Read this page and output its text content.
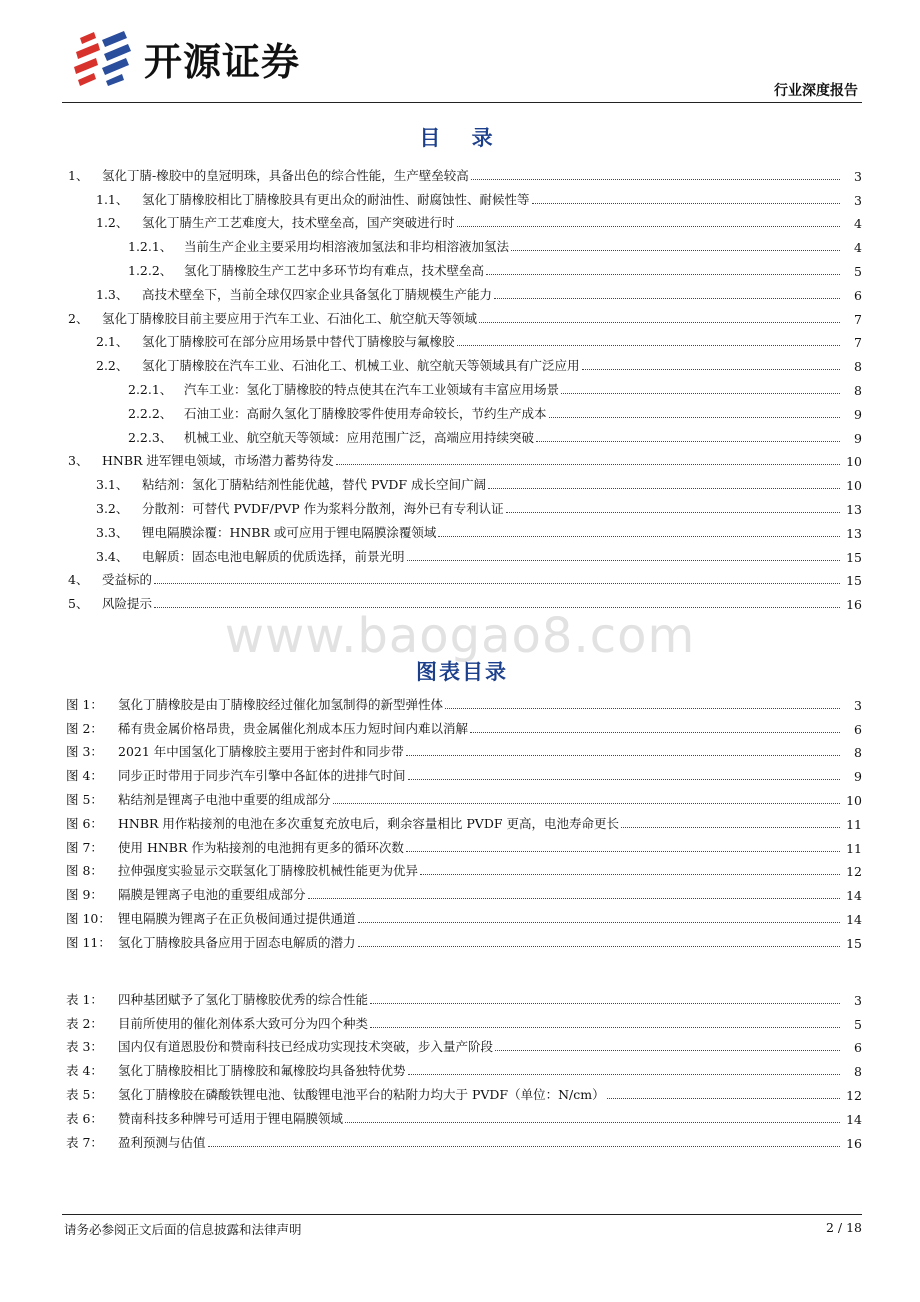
开源证券
行业深度报告
目 录
1、	氢化丁腈-橡胶中的皇冠明珠，具备出色的综合性能，生产壁垒较高	3
1.1、	氢化丁腈橡胶相比丁腈橡胶具有更出众的耐油性、耐腐蚀性、耐候性等	3
1.2、	氢化丁腈生产工艺难度大，技术壁垒高，国产突破进行时	4
1.2.1、 当前生产企业主要采用均相溶液加氢法和非均相溶液加氢法	4
1.2.2、 氢化丁腈橡胶生产工艺中多环节均有难点，技术壁垒高	5
1.3、	高技术壁垒下，当前全球仅四家企业具备氢化丁腈规模生产能力	6
2、	氢化丁腈橡胶目前主要应用于汽车工业、石油化工、航空航天等领域	7
2.1、	氢化丁腈橡胶可在部分应用场景中替代丁腈橡胶与氟橡胶	7
2.2、	氢化丁腈橡胶在汽车工业、石油化工、机械工业、航空航天等领域具有广泛应用	8
2.2.1、 汽车工业：氢化丁腈橡胶的特点使其在汽车工业领域有丰富应用场景	8
2.2.2、 石油工业：高耐久氢化丁腈橡胶零件使用寿命较长，节约生产成本	9
2.2.3、 机械工业、航空航天等领域：应用范围广泛，高端应用持续突破	9
3、	HNBR 进军锂电领域，市场潜力蓄势待发	10
3.1、	粘结剂：氢化丁腈粘结剂性能优越，替代 PVDF 成长空间广阔	10
3.2、	分散剂：可替代 PVDF/PVP 作为浆料分散剂，海外已有专利认证	13
3.3、	锂电隔膜涂覆：HNBR 或可应用于锂电隔膜涂覆领域	13
3.4、	电解质：固态电池电解质的优质选择，前景光明	15
4、	受益标的	15
5、	风险提示	16
www.baogao8.com
图表目录
图 1：	氢化丁腈橡胶是由丁腈橡胶经过催化加氢制得的新型弹性体	3
图 2：	稀有贵金属价格昂贵，贵金属催化剂成本压力短时间内难以消解	6
图 3：	2021 年中国氢化丁腈橡胶主要用于密封件和同步带	8
图 4：	同步正时带用于同步汽车引擎中各缸体的进排气时间	9
图 5：	粘结剂是锂离子电池中重要的组成部分	10
图 6：	HNBR 用作粘接剂的电池在多次重复充放电后，剩余容量相比 PVDF 更高，电池寿命更长	11
图 7：	使用 HNBR 作为粘接剂的电池拥有更多的循环次数	11
图 8：	拉伸强度实验显示交联氢化丁腈橡胶机械性能更为优异	12
图 9：	隔膜是锂离子电池的重要组成部分	14
图 10： 锂电隔膜为锂离子在正负极间通过提供通道	14
图 11： 氢化丁腈橡胶具备应用于固态电解质的潜力	15
表 1：	四种基团赋予了氢化丁腈橡胶优秀的综合性能	3
表 2：	目前所使用的催化剂体系大致可分为四个种类	5
表 3：	国内仅有道恩股份和赞南科技已经成功实现技术突破，步入量产阶段	6
表 4：	氢化丁腈橡胶相比丁腈橡胶和氟橡胶均具备独特优势	8
表 5：	氢化丁腈橡胶在磷酸铁锂电池、钛酸锂电池平台的粘附力均大于 PVDF（单位：N/cm）	12
表 6：	赞南科技多种牌号可适用于锂电隔膜领域	14
表 7：	盈利预测与估值	16
请务必参阅正文后面的信息披露和法律声明	2 / 18
